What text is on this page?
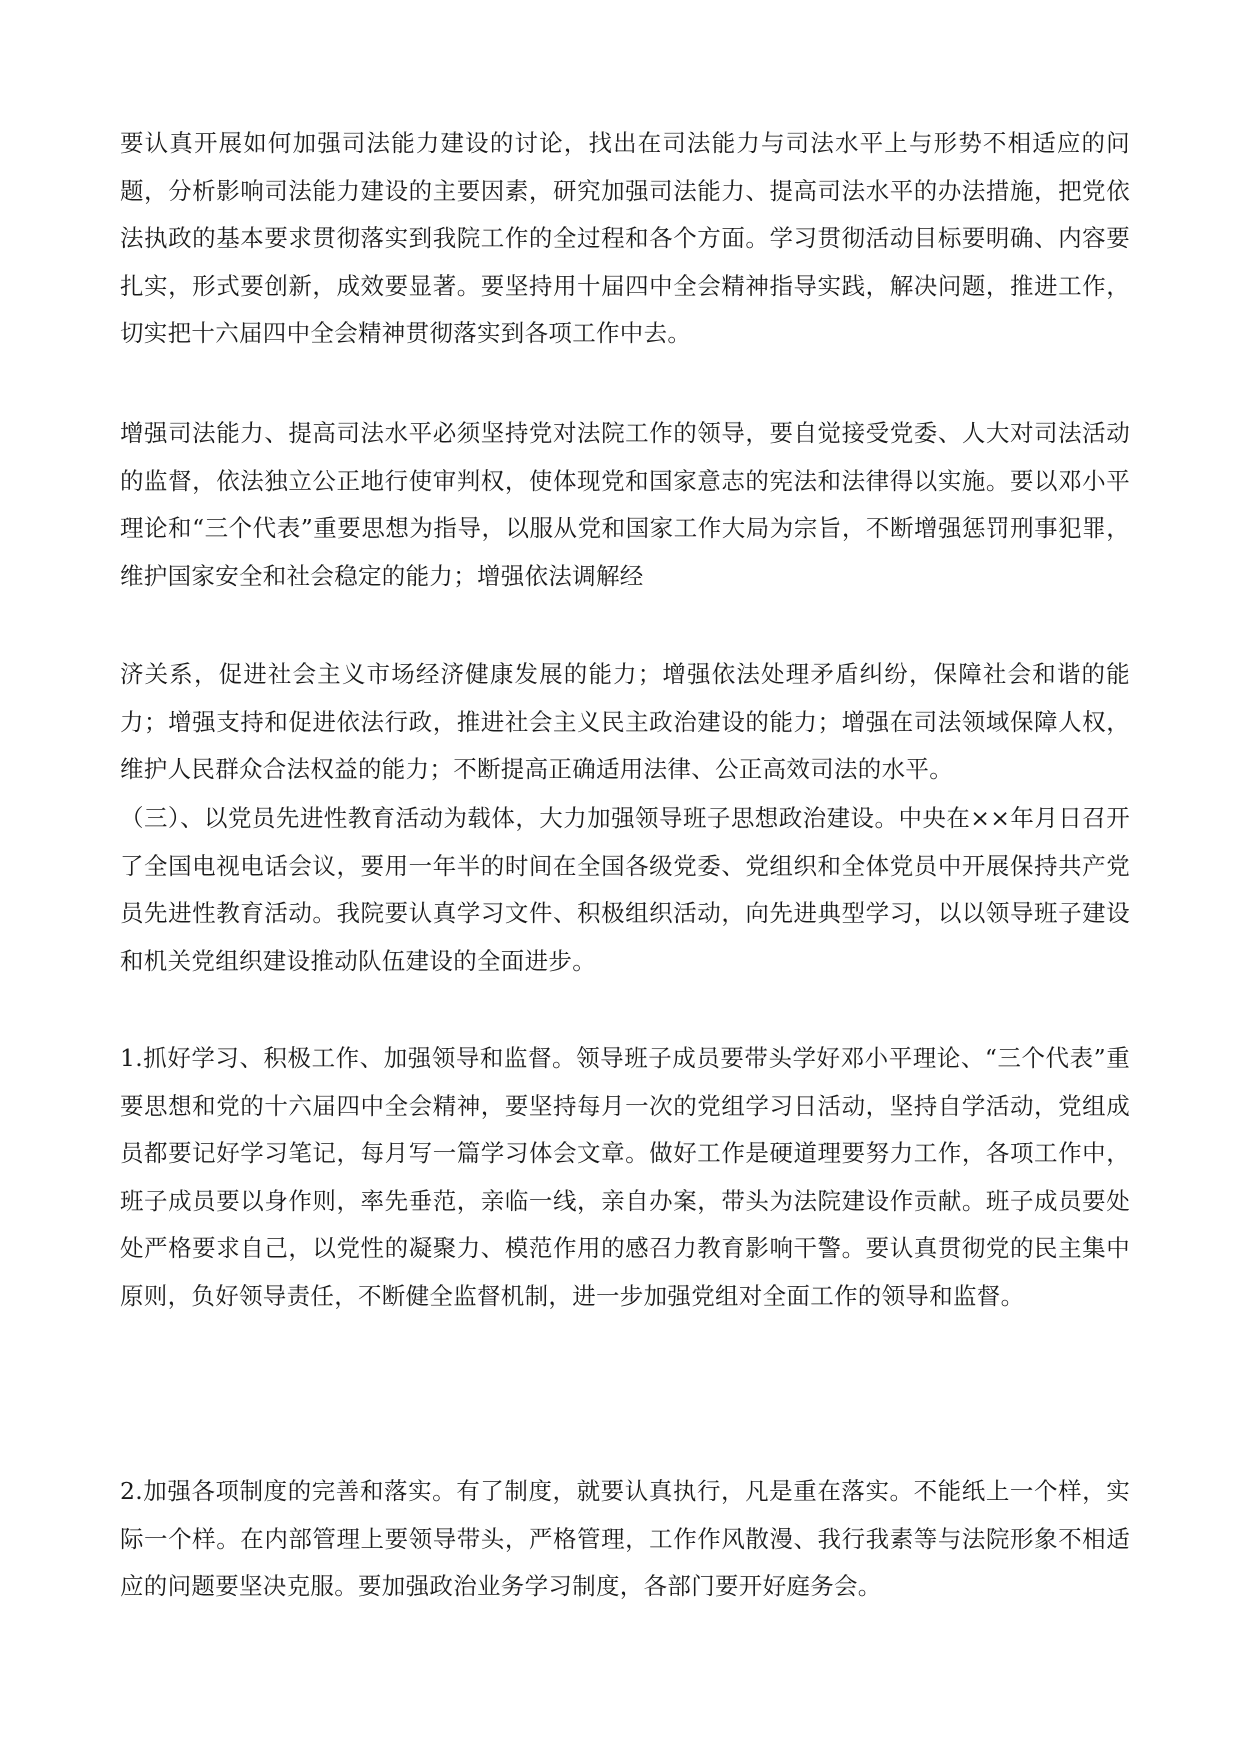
要认真开展如何加强司法能力建设的讨论，找出在司法能力与司法水平上与形势不相适应的问题，分析影响司法能力建设的主要因素，研究加强司法能力、提高司法水平的办法措施，把党依法执政的基本要求贯彻落实到我院工作的全过程和各个方面。学习贯彻活动目标要明确、内容要扎实，形式要创新，成效要显著。要坚持用十届四中全会精神指导实践，解决问题，推进工作，切实把十六届四中全会精神贯彻落实到各项工作中去。

增强司法能力、提高司法水平必须坚持党对法院工作的领导，要自觉接受党委、人大对司法活动的监督，依法独立公正地行使审判权，使体现党和国家意志的宪法和法律得以实施。要以邓小平理论和“三个代表”重要思想为指导，以服从党和国家工作大局为宗旨，不断增强惩罚刑事犯罪，维护国家安全和社会稳定的能力；增强依法调解经

济关系，促进社会主义市场经济健康发展的能力；增强依法处理矛盾纠纷，保障社会和谐的能力；增强支持和促进依法行政，推进社会主义民主政治建设的能力；增强在司法领域保障人权，维护人民群众合法权益的能力；不断提高正确适用法律、公正高效司法的水平。

（三）、以党员先进性教育活动为载体，大力加强领导班子思想政治建设。中央在××年月日召开了全国电视电话会议，要用一年半的时间在全国各级党委、党组织和全体党员中开展保持共产党员先进性教育活动。我院要认真学习文件、积极组织活动，向先进典型学习，以以领导班子建设和机关党组织建设推动队伍建设的全面进步。

1.抓好学习、积极工作、加强领导和监督。领导班子成员要带头学好邓小平理论、“三个代表”重要思想和党的十六届四中全会精神，要坚持每月一次的党组学习日活动，坚持自学活动，党组成员都要记好学习笔记，每月写一篇学习体会文章。做好工作是硬道理要努力工作，各项工作中，班子成员要以身作则，率先垂范，亲临一线，亲自办案，带头为法院建设作贡献。班子成员要处处严格要求自己，以党性的凝聚力、模范作用的感召力教育影响干警。要认真贯彻党的民主集中原则，负好领导责任，不断健全监督机制，进一步加强党组对全面工作的领导和监督。

2.加强各项制度的完善和落实。有了制度，就要认真执行，凡是重在落实。不能纸上一个样，实际一个样。在内部管理上要领导带头，严格管理，工作作风散漫、我行我素等与法院形象不相适应的问题要坚决克服。要加强政治业务学习制度，各部门要开好庭务会。
